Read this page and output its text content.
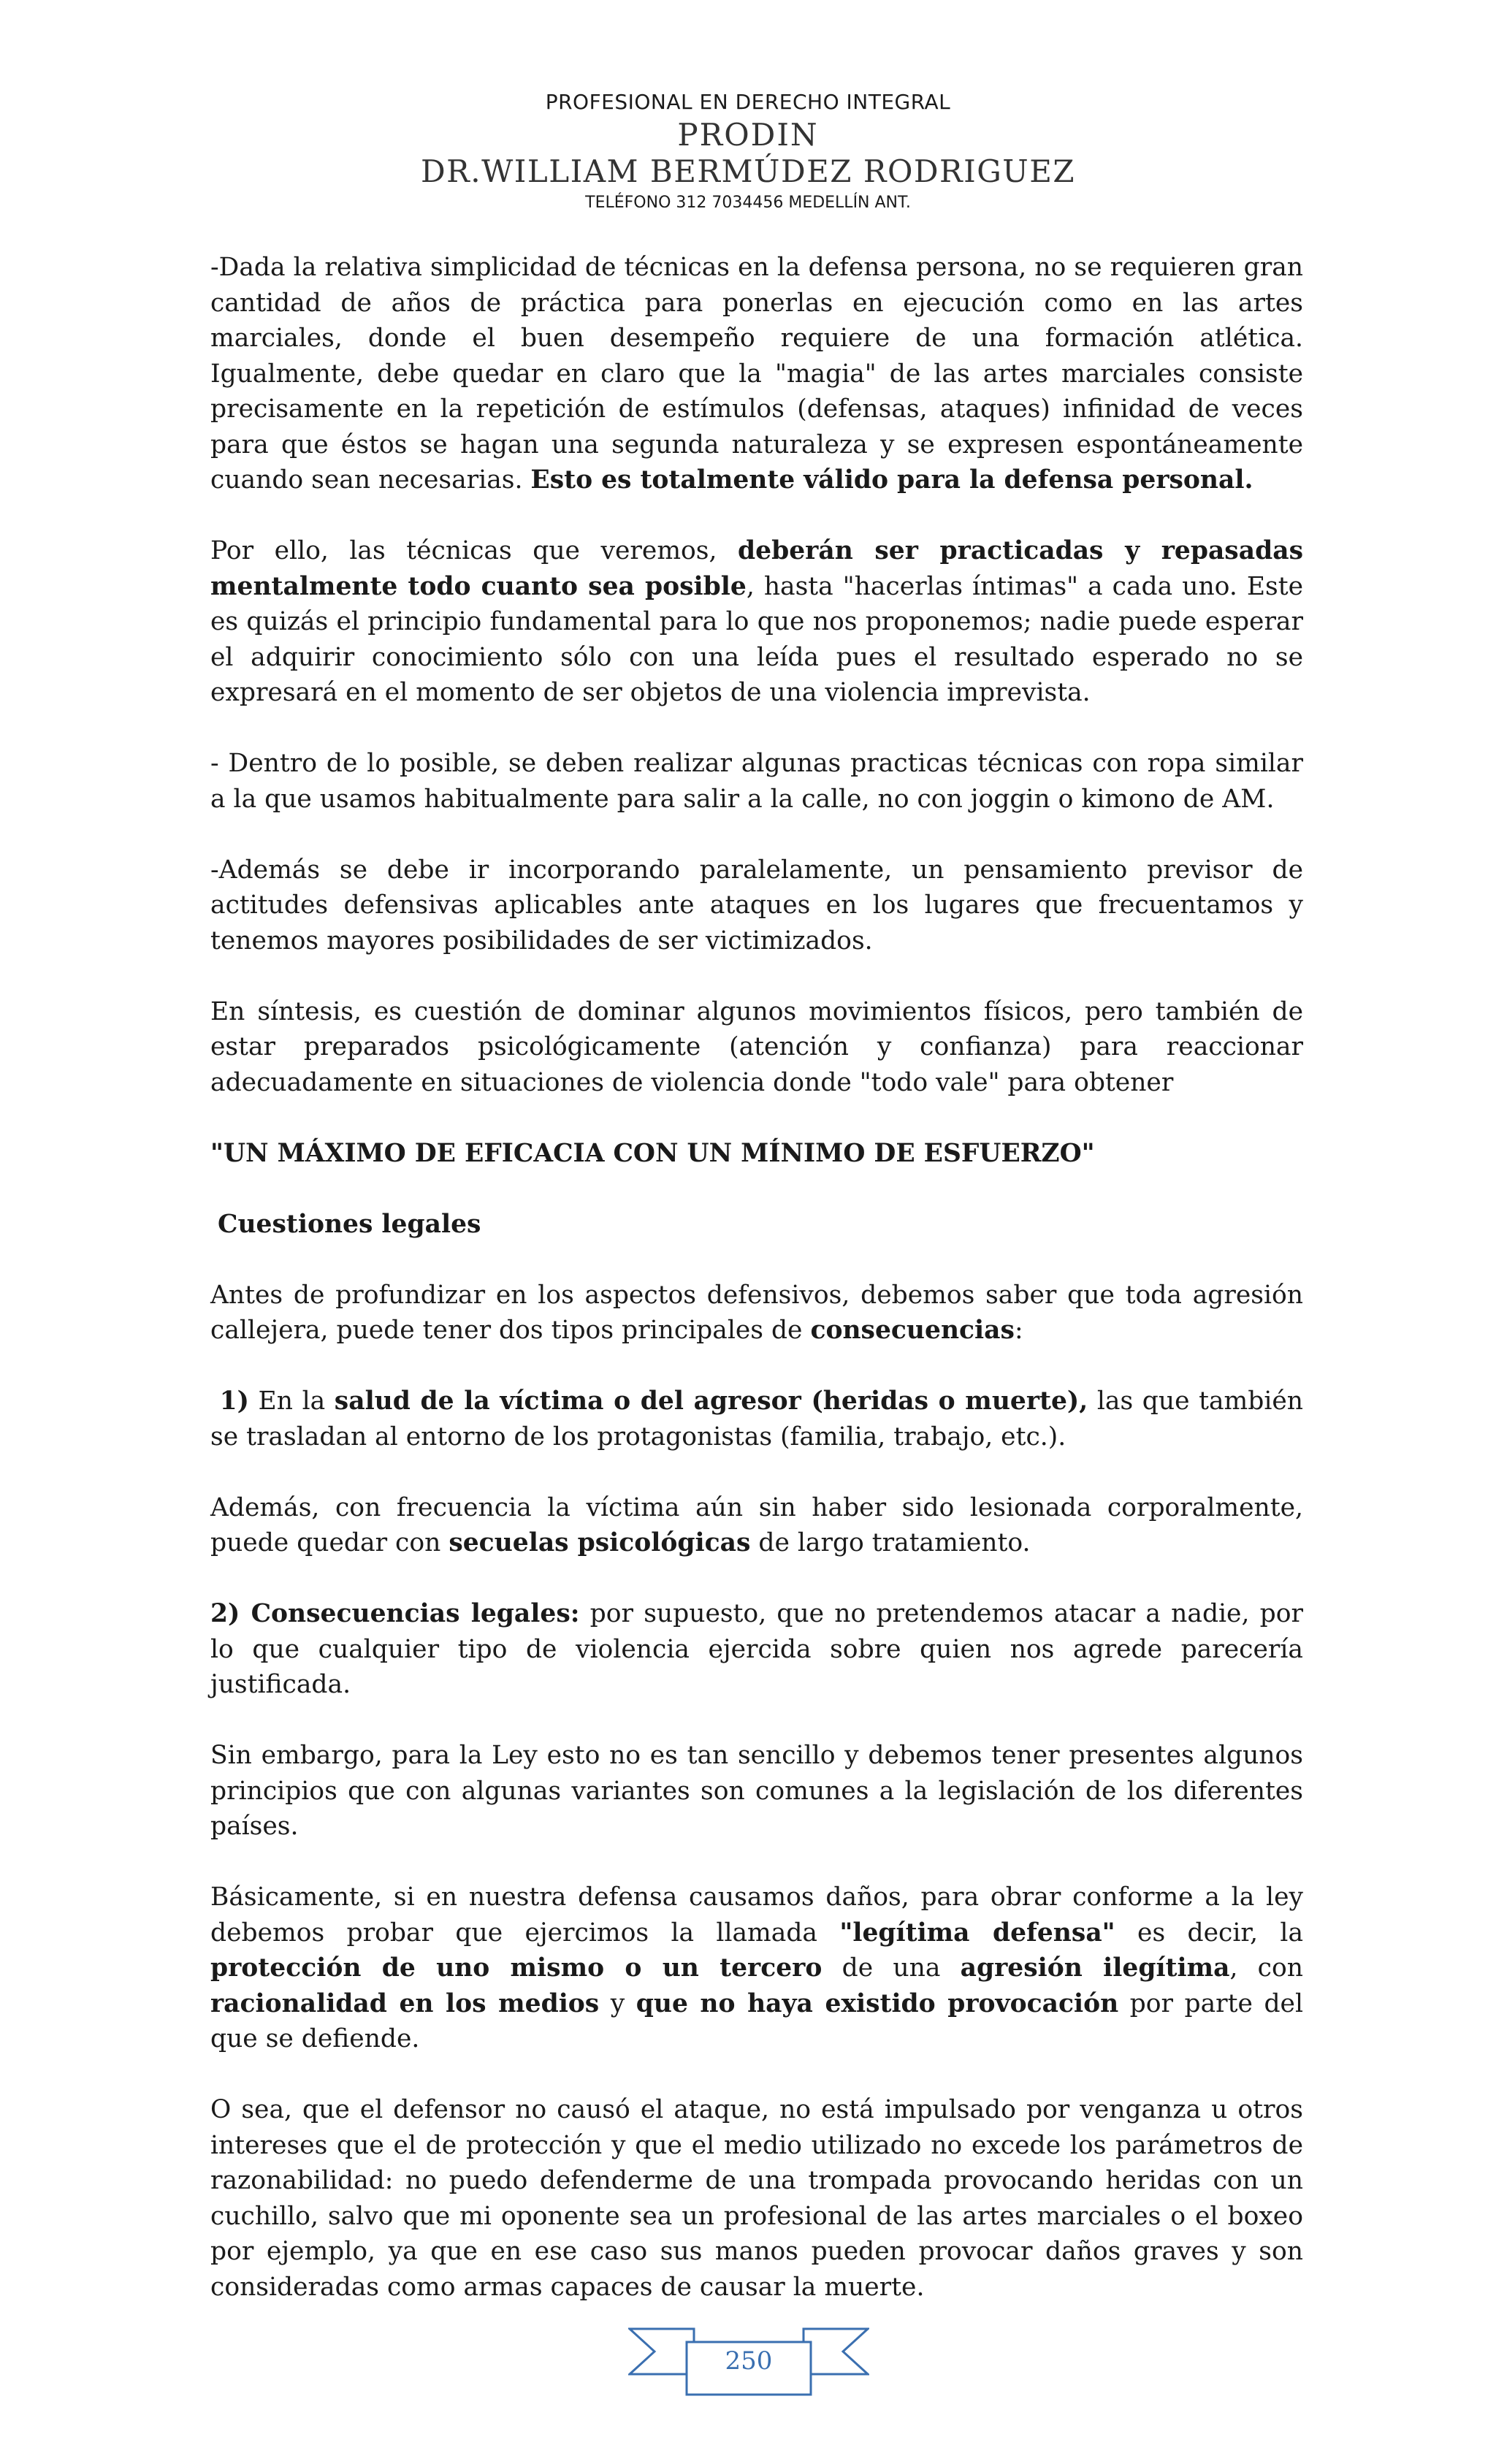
PROFESIONAL EN DERECHO INTEGRAL
PRODIN
DR.WILLIAM BERMÚDEZ RODRIGUEZ
TELÉFONO 312 7034456 MEDELLÍN ANT.

-Dada la relativa simplicidad de técnicas en la defensa persona, no se requieren gran cantidad de años de práctica para ponerlas en ejecución como en las artes marciales, donde el buen desempeño requiere de una formación atlética. Igualmente, debe quedar en claro que la "magia" de las artes marciales consiste precisamente en la repetición de estímulos (defensas, ataques) infinidad de veces para que éstos se hagan una segunda naturaleza y se expresen espontáneamente cuando sean necesarias. Esto es totalmente válido para la defensa personal.

Por ello, las técnicas que veremos, deberán ser practicadas y repasadas mentalmente todo cuanto sea posible, hasta "hacerlas íntimas" a cada uno. Este es quizás el principio fundamental para lo que nos proponemos; nadie puede esperar el adquirir conocimiento sólo con una leída pues el resultado esperado no se expresará en el momento de ser objetos de una violencia imprevista.

- Dentro de lo posible, se deben realizar algunas practicas técnicas con ropa similar a la que usamos habitualmente para salir a la calle, no con joggin o kimono de AM.

-Además se debe ir incorporando paralelamente, un pensamiento previsor de actitudes defensivas aplicables ante ataques en los lugares que frecuentamos y tenemos mayores posibilidades de ser victimizados.

En síntesis, es cuestión de dominar algunos movimientos físicos, pero también de estar preparados psicológicamente (atención y confianza) para reaccionar adecuadamente en situaciones de violencia donde "todo vale" para obtener

"UN MÁXIMO DE EFICACIA CON UN MÍNIMO DE ESFUERZO"

Cuestiones legales

Antes de profundizar en los aspectos defensivos, debemos saber que toda agresión callejera, puede tener dos tipos principales de consecuencias:

1) En la salud de la víctima o del agresor (heridas o muerte), las que también se trasladan al entorno de los protagonistas (familia, trabajo, etc.).

Además, con frecuencia la víctima aún sin haber sido lesionada corporalmente, puede quedar con secuelas psicológicas de largo tratamiento.

2) Consecuencias legales: por supuesto, que no pretendemos atacar a nadie, por lo que cualquier tipo de violencia ejercida sobre quien nos agrede parecería justificada.

Sin embargo, para la Ley esto no es tan sencillo y debemos tener presentes algunos principios que con algunas variantes son comunes a la legislación de los diferentes países.

Básicamente, si en nuestra defensa causamos daños, para obrar conforme a la ley debemos probar que ejercimos la llamada "legítima defensa" es decir, la protección de uno mismo o un tercero de una agresión ilegítima, con racionalidad en los medios y que no haya existido provocación por parte del que se defiende.

O sea, que el defensor no causó el ataque, no está impulsado por venganza u otros intereses que el de protección y que el medio utilizado no excede los parámetros de razonabilidad: no puedo defenderme de una trompada provocando heridas con un cuchillo, salvo que mi oponente sea un profesional de las artes marciales o el boxeo por ejemplo, ya que en ese caso sus manos pueden provocar daños graves y son consideradas como armas capaces de causar la muerte.

250
